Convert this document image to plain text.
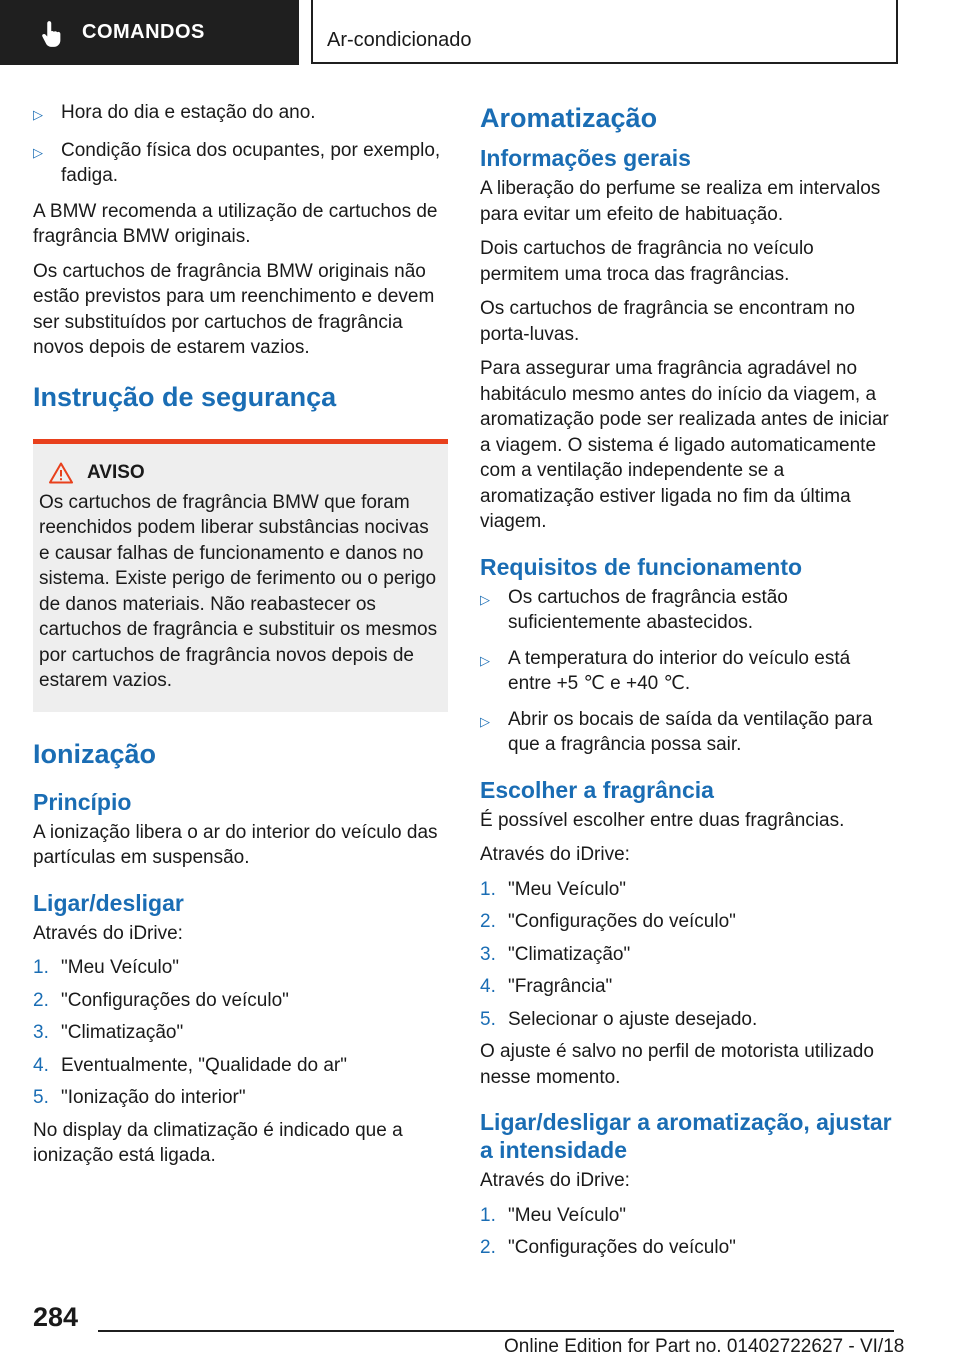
COMANDOS	Ar-condicionado
▷ Hora do dia e estação do ano.
▷ Condição física dos ocupantes, por exemplo, fadiga.

A BMW recomenda a utilização de cartuchos de fragrância BMW originais.

Os cartuchos de fragrância BMW originais não estão previstos para um reenchimento e devem ser substituídos por cartuchos de fragrância novos depois de estarem vazios.

Instrução de segurança
AVISO

Os cartuchos de fragrância BMW que foram reenchidos podem liberar substâncias nocivas e causar falhas de funcionamento e danos no sistema. Existe perigo de ferimento ou o perigo de danos materiais. Não reabastecer os cartuchos de fragrância e substituir os mesmos por cartuchos de fragrância novos depois de estarem vazios.

Ionização
Princípio

A ionização libera o ar do interior do veículo das partículas em suspensão.

Ligar/desligar

Através do iDrive:

1. "Meu Veículo"
2. "Configurações do veículo"
3. "Climatização"
4. Eventualmente, "Qualidade do ar"
5. "Ionização do interior"

No display da climatização é indicado que a ionização está ligada.

Aromatização
Informações gerais

A liberação do perfume se realiza em intervalos para evitar um efeito de habituação.

Dois cartuchos de fragrância no veículo permitem uma troca das fragrâncias.

Os cartuchos de fragrância se encontram no porta-luvas.

Para assegurar uma fragrância agradável no habitáculo mesmo antes do início da viagem, a aromatização pode ser realizada antes de iniciar a viagem. O sistema é ligado automaticamente com a ventilação independente se a aromatização estiver ligada no fim da última viagem.

Requisitos de funcionamento
▷ Os cartuchos de fragrância estão suficientemente abastecidos.
▷ A temperatura do interior do veículo está entre +5 ℃ e +40 ℃.
▷ Abrir os bocais de saída da ventilação para que a fragrância possa sair.
Escolher a fragrância

É possível escolher entre duas fragrâncias.

Através do iDrive:

1. "Meu Veículo"
2. "Configurações do veículo"
3. "Climatização"
4. "Fragrância"
5. Selecionar o ajuste desejado.

O ajuste é salvo no perfil de motorista utilizado nesse momento.

Ligar/desligar a aromatização, ajustar a intensidade

Através do iDrive:

1. "Meu Veículo"
2. "Configurações do veículo"
284
Online Edition for Part no. 01402722627 - VI/18
